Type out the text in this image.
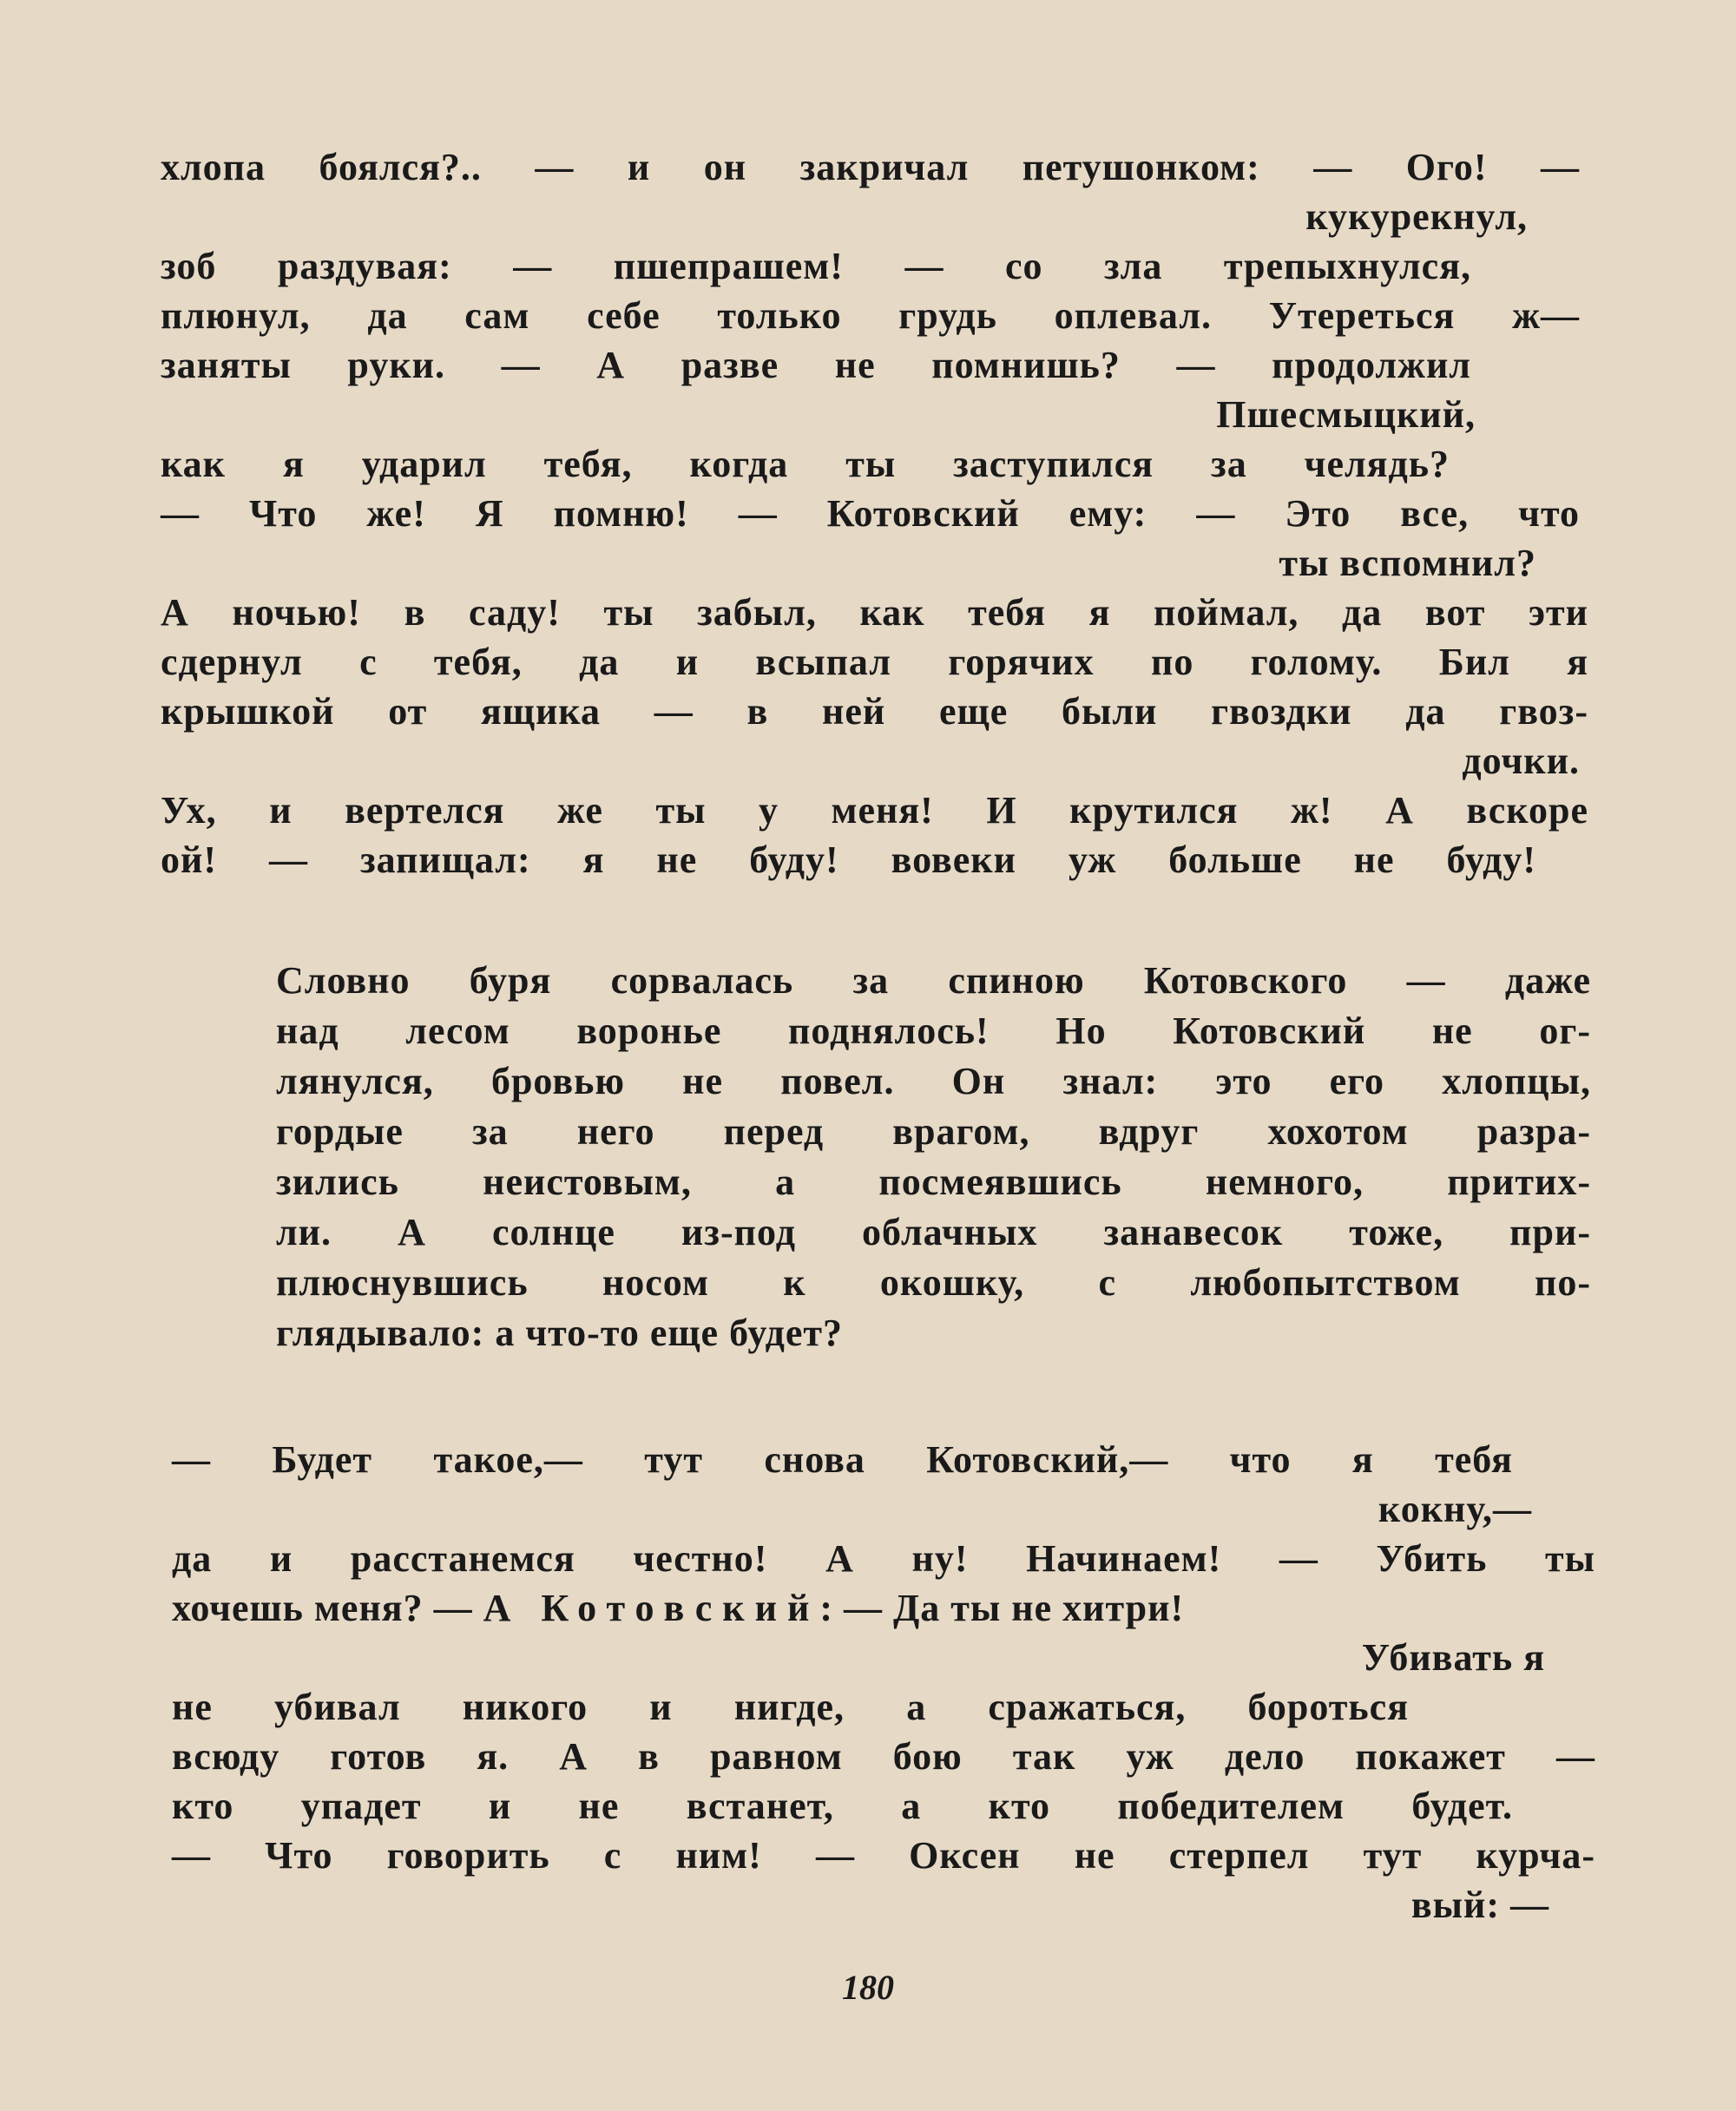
хлопа боялся?.. — и он закричал петушонком: — Ого! —
кукурекнул,
зоб раздувая: — пшепрашем! — со зла трепыхнулся,
плюнул, да сам себе только грудь оплевал. Утереться ж—
заняты руки. — А разве не помнишь? — продолжил
Пшесмыцкий,
как я ударил тебя, когда ты заступился за челядь?
— Что же! Я помню! — Котовский ему: — Это все, что
ты вспомнил?
А ночью! в саду! ты забыл, как тебя я поймал, да вот эти
сдернул с тебя, да и всыпал горячих по голому. Бил я
крышкой от ящика — в ней еще были гвоздки да гвоз-
дочки.
Ух, и вертелся же ты у меня! И крутился ж! А вскоре
ой! — запищал: я не буду! вовеки уж больше не буду!
Словно буря сорвалась за спиною Котовского — даже
над лесом воронье поднялось! Но Котовский не ог-
лянулся, бровью не повел. Он знал: это его хлопцы,
гордые за него перед врагом, вдруг хохотом разра-
зились неистовым, а посмеявшись немного, притих-
ли. А солнце из-под облачных занавесок тоже, при-
плюснувшись носом к окошку, с любопытством по-
глядывало: а что-то еще будет?
— Будет такое,— тут снова Котовский,— что я тебя
кокну,—
да и расстанемся честно! А ну! Начинаем! — Убить ты
хочешь меня? — А Котовский: — Да ты не хитри!
Убивать я
не убивал никого и нигде, а сражаться, бороться
всюду готов я. А в равном бою так уж дело покажет —
кто упадет и не встанет, а кто победителем будет.
— Что говорить с ним! — Оксен не стерпел тут курча-
вый: —
180
